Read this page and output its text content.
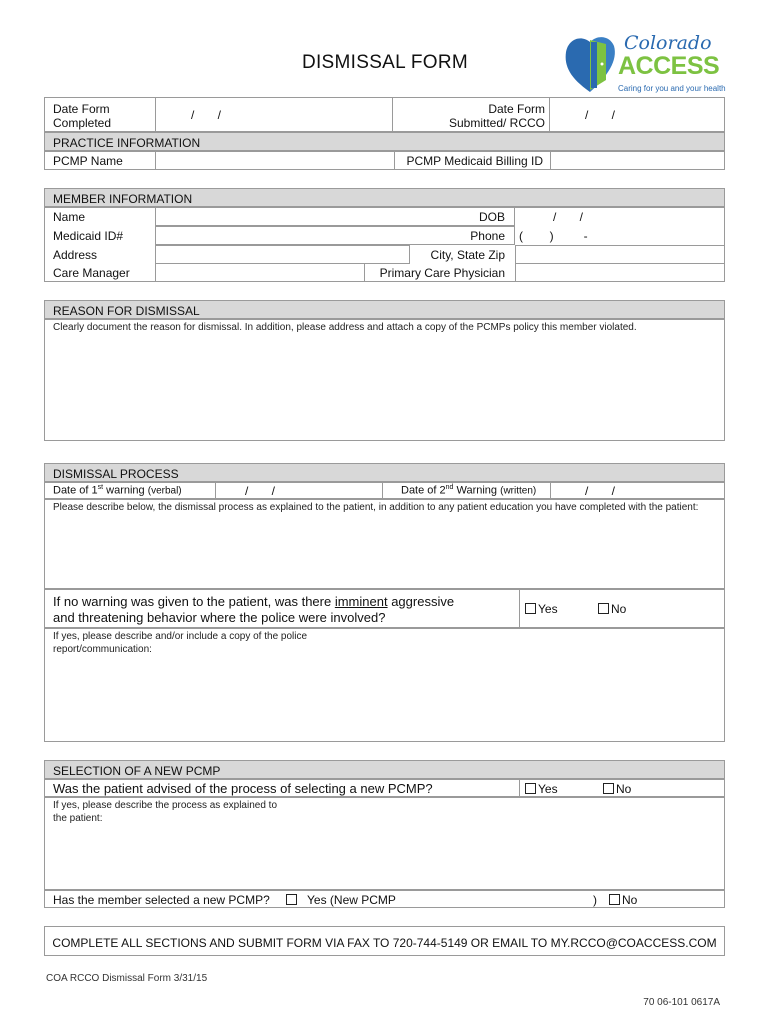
DISMISSAL FORM
Colorado
ACCESS
Caring for you and your health
Date Form
Completed
/       /	Date Form
Submitted/ RCCO
/       /
PRACTICE INFORMATION
PCMP Name	PCMP Medicaid Billing ID
MEMBER INFORMATION
Name	DOB	/       /
Medicaid ID#	Phone (        )         -
Address	City, State Zip
Care Manager	Primary Care Physician
REASON FOR DISMISSAL
Clearly document the reason for dismissal. In addition, please address and attach a copy of the PCMPs policy this member violated.
DISMISSAL PROCESS
Date of 1st warning (verbal)	/       /	Date of 2nd Warning (written)	/       /
Please describe below, the dismissal process as explained to the patient, in addition to any patient education you have completed with the patient:
If no warning was given to the patient, was there imminent aggressive
and threatening behavior where the police were involved?
Yes	No
If yes, please describe and/or include a copy of the police
report/communication:
SELECTION OF A NEW PCMP
Was the patient advised of the process of selecting a new PCMP?	Yes	No
If yes, please describe the process as explained to
the patient:
Has the member selected a new PCMP?	Yes (New PCMP	)	No
COMPLETE ALL SECTIONS AND SUBMIT FORM VIA FAX TO 720-744-5149 OR EMAIL TO MY.RCCO@COACCESS.COM
COA RCCO Dismissal Form 3/31/15
70 06-101 0617A
